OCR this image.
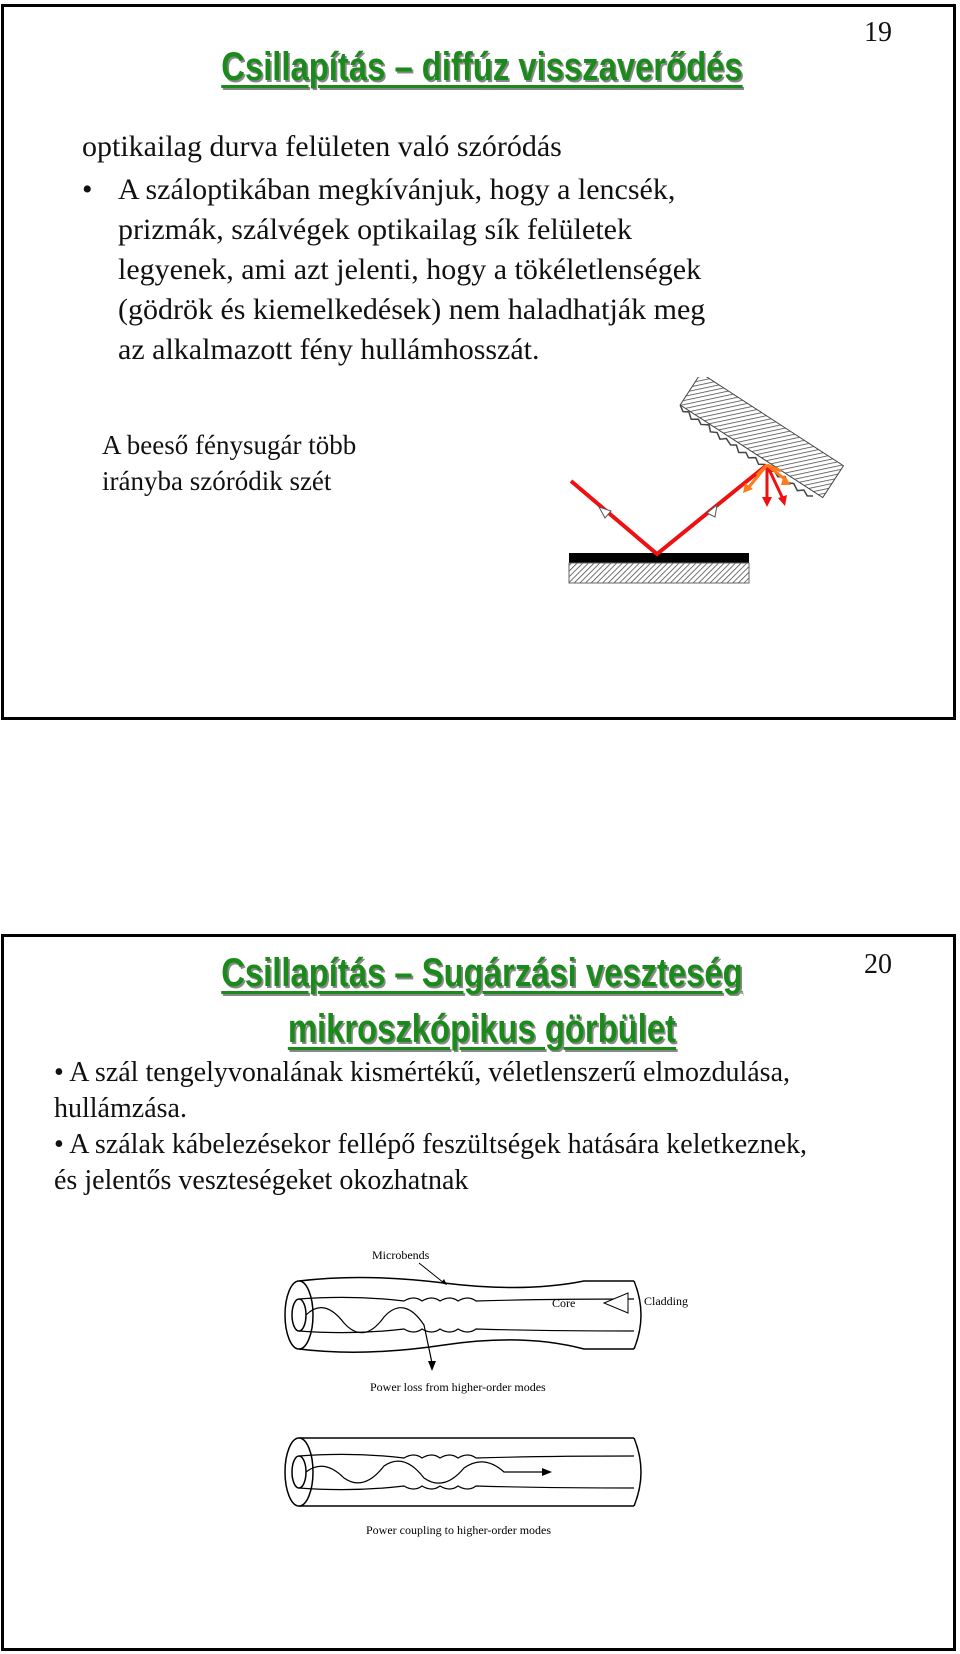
19
Csillapítás – diffúz visszaverődés

optikailag durva felületen való szóródás

• A száloptikában megkívánjuk, hogy a lencsék,
prizmák, szálvégek optikailag sík felületek
legyenek, ami azt jelenti, hogy a tökéletlenségek
(gödrök és kiemelkedések) nem haladhatják meg
az alkalmazott fény hullámhosszát.
A beeső fénysugár több
irányba szóródik szét
20
Csillapítás – Sugárzási veszteség
mikroszkópikus görbület
• A szál tengelyvonalának kismértékű, véletlenszerű elmozdulása,
hullámzása.
• A szálak kábelezésekor fellépő feszültségek hatására keletkeznek,
és jelentős veszteségeket okozhatnak
Microbends
Core	Cladding
Power loss from higher-order modes
Power coupling to higher-order modes
